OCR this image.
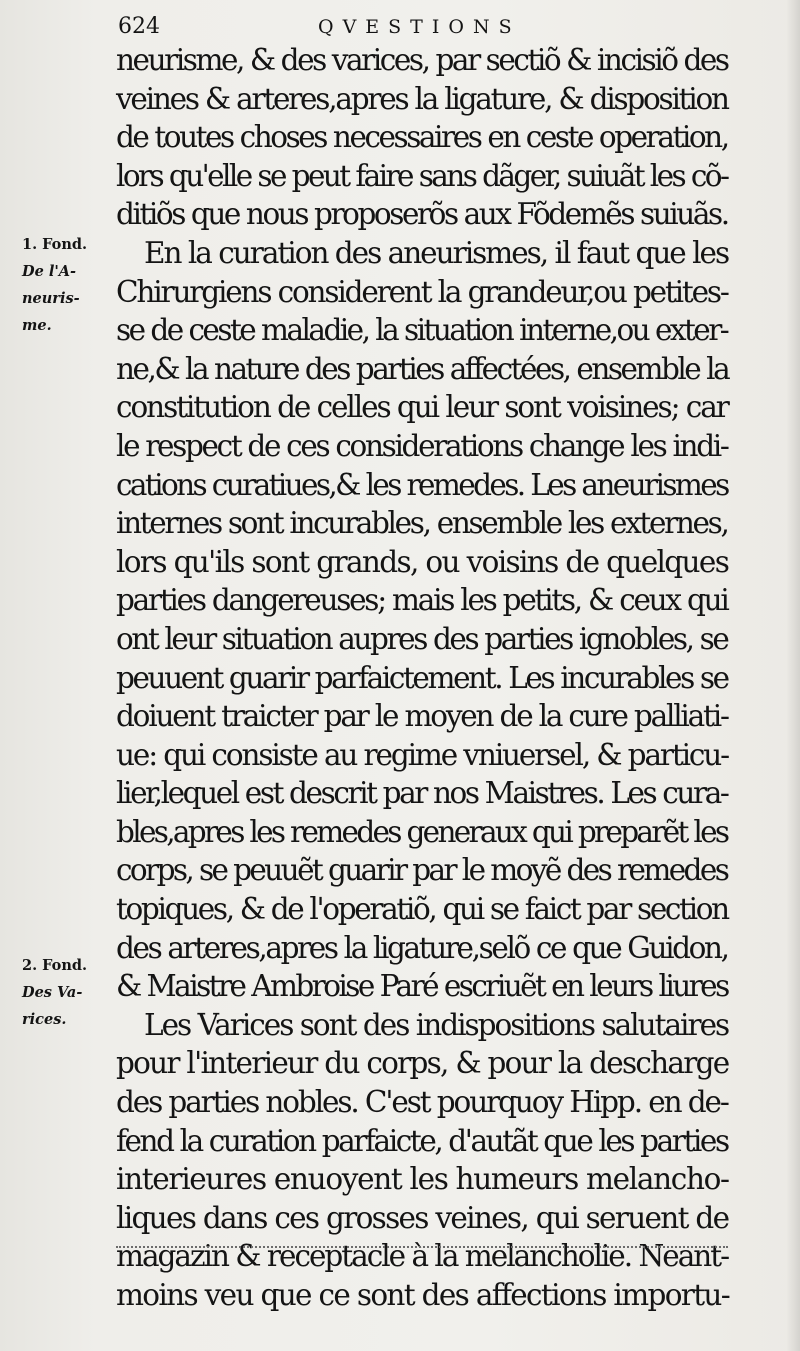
624	QVESTIONS
neurisme, & des varices, par sectiõ & incisiõ des
veines & arteres,apres la ligature, & disposition
de toutes choses necessaires en ceste operation,
lors qu'elle se peut faire sans dãger, suiuãt les cõ-
ditiõs que nous proposerõs aux Fõdemẽs suiuãs.
En la curation des aneurismes, il faut que les
Chirurgiens considerent la grandeur,ou petites-
se de ceste maladie, la situation interne,ou exter-
ne,& la nature des parties affectées, ensemble la
constitution de celles qui leur sont voisines; car
le respect de ces considerations change les indi-
cations curatiues,& les remedes. Les aneurismes
internes sont incurables, ensemble les externes,
lors qu'ils sont grands, ou voisins de quelques
parties dangereuses; mais les petits, & ceux qui
ont leur situation aupres des parties ignobles, se
peuuent guarir parfaictement. Les incurables se
doiuent traicter par le moyen de la cure palliati-
ue: qui consiste au regime vniuersel, & particu-
lier,lequel est descrit par nos Maistres. Les cura-
bles,apres les remedes generaux qui preparẽt les
corps, se peuuẽt guarir par le moyẽ des remedes
topiques, & de l'operatiõ, qui se faict par section
des arteres,apres la ligature,selõ ce que Guidon,
& Maistre Ambroise Paré escriuẽt en leurs liures
Les Varices sont des indispositions salutaires
pour l'interieur du corps, & pour la descharge
des parties nobles. C'est pourquoy Hipp. en de-
fend la curation parfaicte, d'autãt que les parties
interieures enuoyent les humeurs melancho-
liques dans ces grosses veines, qui seruent de
magazin & receptacle à la melancholie. Neant-
moins veu que ce sont des affections importu-
1. Fond.
De l'A-
neuris-
me.
2. Fond.
Des Va-
rices.
